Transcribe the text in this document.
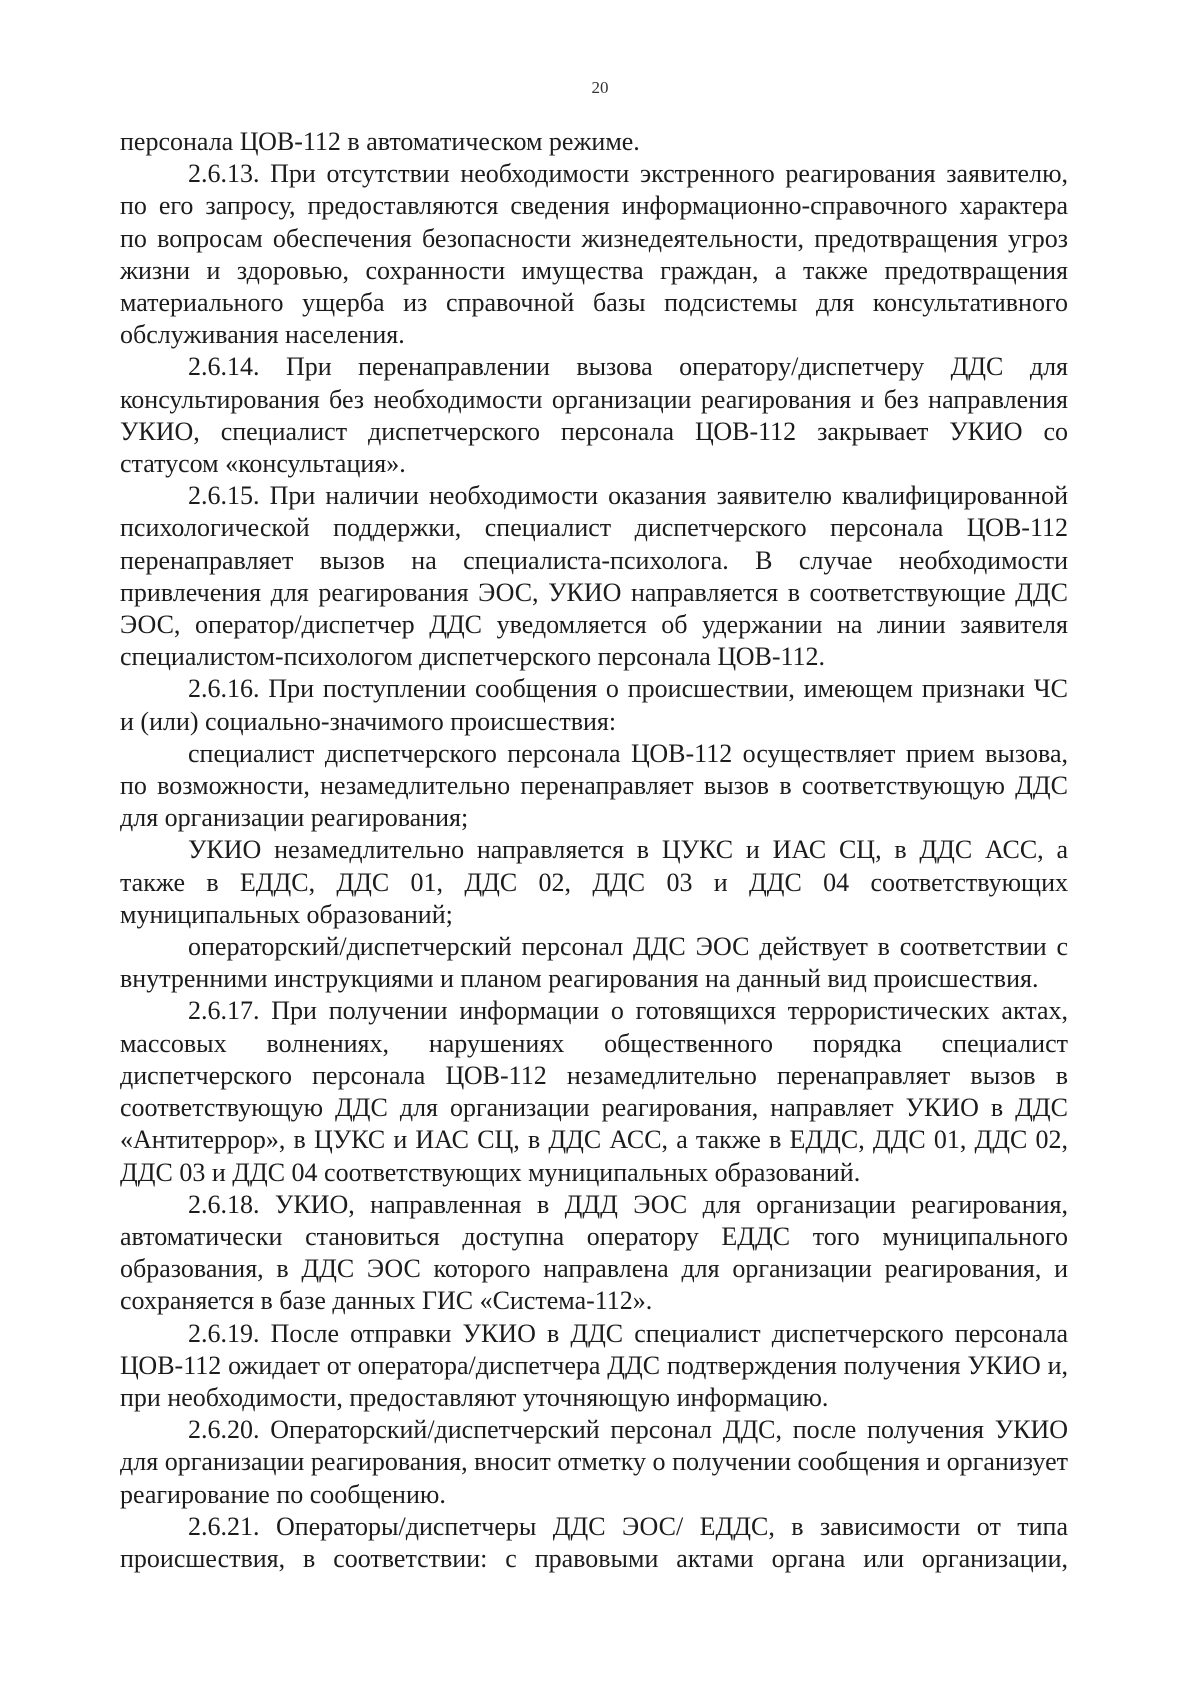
20

персонала ЦОВ-112 в автоматическом режиме.

2.6.13. При отсутствии необходимости экстренного реагирования заявителю, по его запросу, предоставляются сведения информационно-справочного характера по вопросам обеспечения безопасности жизнедеятельности, предотвращения угроз жизни и здоровью, сохранности имущества граждан, а также предотвращения материального ущерба из справочной базы подсистемы для консультативного обслуживания населения.

2.6.14. При перенаправлении вызова оператору/диспетчеру ДДС для консультирования без необходимости организации реагирования и без направления УКИО, специалист диспетчерского персонала ЦОВ-112 закрывает УКИО со статусом «консультация».

2.6.15. При наличии необходимости оказания заявителю квалифицированной психологической поддержки, специалист диспетчерского персонала ЦОВ-112 перенаправляет вызов на специалиста-психолога. В случае необходимости привлечения для реагирования ЭОС, УКИО направляется в соответствующие ДДС ЭОС, оператор/диспетчер ДДС уведомляется об удержании на линии заявителя специалистом-психологом диспетчерского персонала ЦОВ-112.

2.6.16. При поступлении сообщения о происшествии, имеющем признаки ЧС и (или) социально-значимого происшествия:

специалист диспетчерского персонала ЦОВ-112 осуществляет прием вызова, по возможности, незамедлительно перенаправляет вызов в соответствующую ДДС для организации реагирования;

УКИО незамедлительно направляется в ЦУКС и ИАС СЦ, в ДДС АСС, а также в ЕДДС, ДДС 01, ДДС 02, ДДС 03 и ДДС 04 соответствующих муниципальных образований;

операторский/диспетчерский персонал ДДС ЭОС действует в соответствии с внутренними инструкциями и планом реагирования на данный вид происшествия.

2.6.17. При получении информации о готовящихся террористических актах, массовых волнениях, нарушениях общественного порядка специалист диспетчерского персонала ЦОВ-112 незамедлительно перенаправляет вызов в соответствующую ДДС для организации реагирования, направляет УКИО в ДДС «Антитеррор», в ЦУКС и ИАС СЦ, в ДДС АСС, а также в ЕДДС, ДДС 01, ДДС 02, ДДС 03 и ДДС 04 соответствующих муниципальных образований.

2.6.18. УКИО, направленная в ДДД ЭОС для организации реагирования, автоматически становиться доступна оператору ЕДДС того муниципального образования, в ДДС ЭОС которого направлена для организации реагирования, и сохраняется в базе данных ГИС «Система-112».

2.6.19. После отправки УКИО в ДДС специалист диспетчерского персонала ЦОВ-112 ожидает от оператора/диспетчера ДДС подтверждения получения УКИО и, при необходимости, предоставляют уточняющую информацию.

2.6.20. Операторский/диспетчерский персонал ДДС, после получения УКИО для организации реагирования, вносит отметку о получении сообщения и организует реагирование по сообщению.

2.6.21. Операторы/диспетчеры ДДС ЭОС/ ЕДДС, в зависимости от типа происшествия, в соответствии: с правовыми актами органа или организации,
